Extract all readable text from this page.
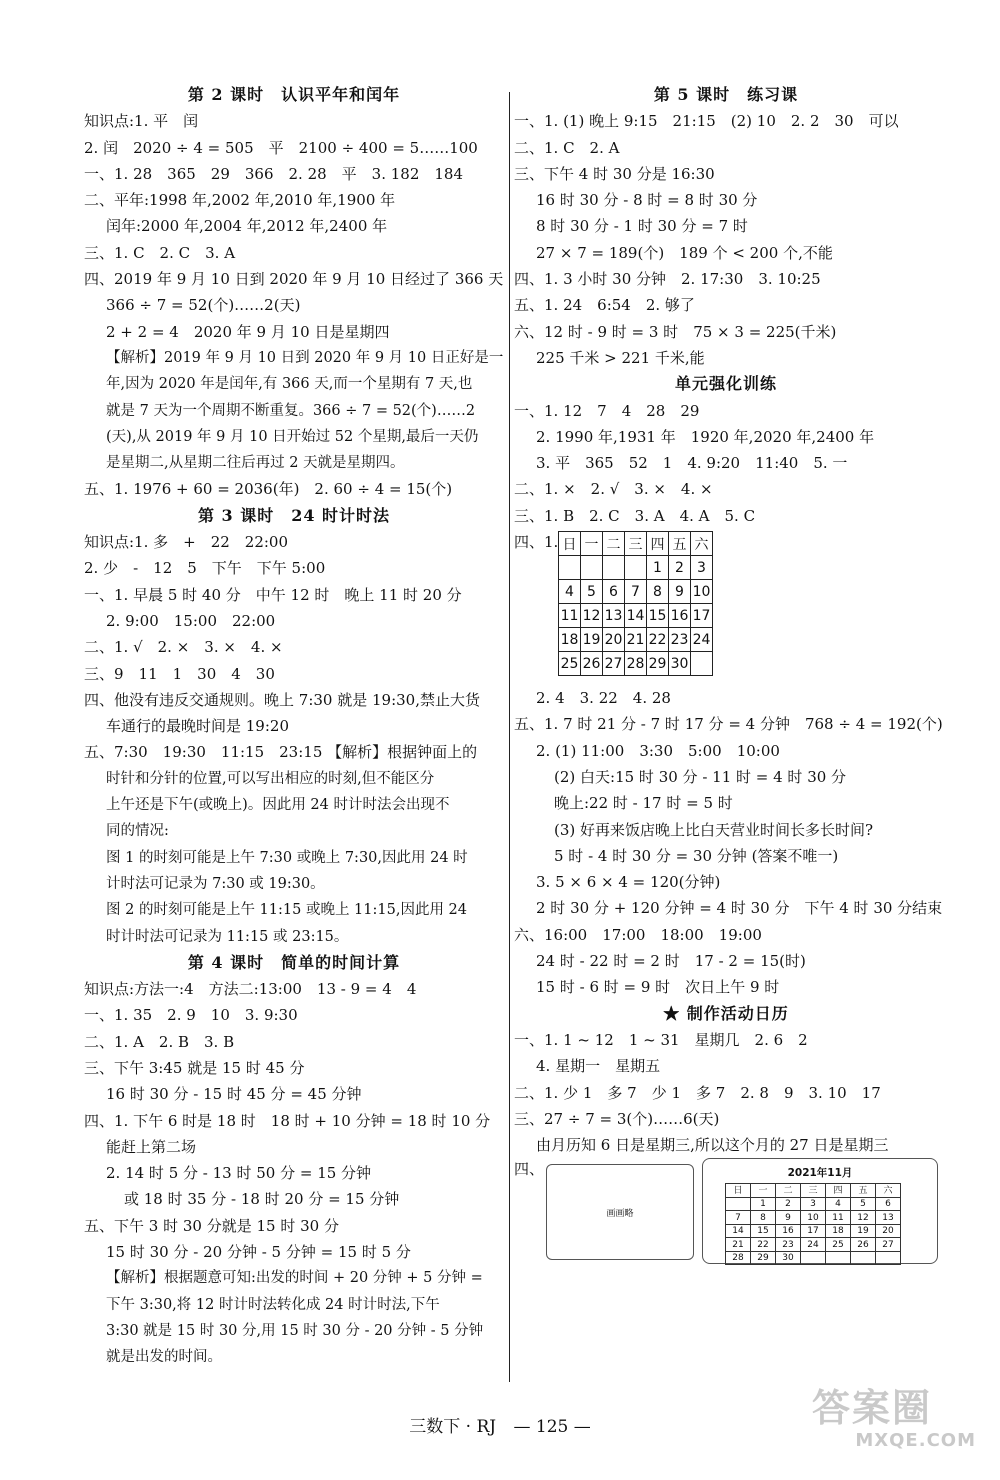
第 2 课时　认识平年和闰年
知识点:1. 平　闰
2. 闰　2020 ÷ 4 = 505　平　2100 ÷ 400 = 5……100
一、1. 28　365　29　366　2. 28　平　3. 182　184
二、平年:1998 年,2002 年,2010 年,1900 年
闰年:2000 年,2004 年,2012 年,2400 年
三、1. C　2. C　3. A
四、2019 年 9 月 10 日到 2020 年 9 月 10 日经过了 366 天
366 ÷ 7 = 52(个)……2(天)
2 + 2 = 4　2020 年 9 月 10 日是星期四
【解析】2019 年 9 月 10 日到 2020 年 9 月 10 日正好是一
年,因为 2020 年是闰年,有 366 天,而一个星期有 7 天,也
就是 7 天为一个周期不断重复。366 ÷ 7 = 52(个)……2
(天),从 2019 年 9 月 10 日开始过 52 个星期,最后一天仍
是星期二,从星期二往后再过 2 天就是星期四。
五、1. 1976 + 60 = 2036(年)　2. 60 ÷ 4 = 15(个)
第 3 课时　24 时计时法
知识点:1. 多　+　22　22:00
2. 少　-　12　5　下午　下午 5:00
一、1. 早晨 5 时 40 分　中午 12 时　晚上 11 时 20 分
2. 9:00　15:00　22:00
二、1. √　2. ×　3. ×　4. ×
三、9　11　1　30　4　30
四、他没有违反交通规则。晚上 7:30 就是 19:30,禁止大货
车通行的最晚时间是 19:20
五、7:30　19:30　11:15　23:15 【解析】根据钟面上的
时针和分针的位置,可以写出相应的时刻,但不能区分
上午还是下午(或晚上)。因此用 24 时计时法会出现不
同的情况:
图 1 的时刻可能是上午 7:30 或晚上 7:30,因此用 24 时
计时法可记录为 7:30 或 19:30。
图 2 的时刻可能是上午 11:15 或晚上 11:15,因此用 24
时计时法可记录为 11:15 或 23:15。
第 4 课时　简单的时间计算
知识点:方法一:4　方法二:13:00　13 - 9 = 4　4
一、1. 35　2. 9　10　3. 9:30
二、1. A　2. B　3. B
三、下午 3:45 就是 15 时 45 分
16 时 30 分 - 15 时 45 分 = 45 分钟
四、1. 下午 6 时是 18 时　18 时 + 10 分钟 = 18 时 10 分
能赶上第二场
2. 14 时 5 分 - 13 时 50 分 = 15 分钟
或 18 时 35 分 - 18 时 20 分 = 15 分钟
五、下午 3 时 30 分就是 15 时 30 分
15 时 30 分 - 20 分钟 - 5 分钟 = 15 时 5 分
【解析】根据题意可知:出发的时间 + 20 分钟 + 5 分钟 =
下午 3:30,将 12 时计时法转化成 24 时计时法,下午
3:30 就是 15 时 30 分,用 15 时 30 分 - 20 分钟 - 5 分钟
就是出发的时间。
第 5 课时　练习课
一、1. (1) 晚上 9:15　21:15　(2) 10　2. 2　30　可以
二、1. C　2. A
三、下午 4 时 30 分是 16:30
16 时 30 分 - 8 时 = 8 时 30 分
8 时 30 分 - 1 时 30 分 = 7 时
27 × 7 = 189(个)　189 个 < 200 个,不能
四、1. 3 小时 30 分钟　2. 17:30　3. 10:25
五、1. 24　6:54　2. 够了
六、12 时 - 9 时 = 3 时　75 × 3 = 225(千米)
225 千米 > 221 千米,能
单元强化训练
一、1. 12　7　4　28　29
2. 1990 年,1931 年　1920 年,2020 年,2400 年
3. 平　365　52　1　4. 9:20　11:40　5. 一
二、1. ×　2. √　3. ×　4. ×
三、1. B　2. C　3. A　4. A　5. C
四、1. 日	一	二	三	四	五	六
				1	2	3
4	5	6	7	8	9	10
11	12	13	14	15	16	17
18	19	20	21	22	23	24
25	26	27	28	29	30	
2. 4　3. 22　4. 28
五、1. 7 时 21 分 - 7 时 17 分 = 4 分钟　768 ÷ 4 = 192(个)
2. (1) 11:00　3:30　5:00　10:00
(2) 白天:15 时 30 分 - 11 时 = 4 时 30 分
晚上:22 时 - 17 时 = 5 时
(3) 好再来饭店晚上比白天营业时间长多长时间?
5 时 - 4 时 30 分 = 30 分钟 (答案不唯一)
3. 5 × 6 × 4 = 120(分钟)
2 时 30 分 + 120 分钟 = 4 时 30 分　下午 4 时 30 分结束
六、16:00　17:00　18:00　19:00
24 时 - 22 时 = 2 时　17 - 2 = 15(时)
15 时 - 6 时 = 9 时　次日上午 9 时
★ 制作活动日历
一、1. 1 ~ 12　1 ~ 31　星期几　2. 6　2
4. 星期一　星期五
二、1. 少 1　多 7　少 1　多 7　2. 8　9　3. 10　17
三、27 ÷ 7 = 3(个)……6(天)
由月历知 6 日是星期三,所以这个月的 27 日是星期三
四、
画画略
2021年11月
日	一	二	三	四	五	六
	1	2	3	4	5	6
7	8	9	10	11	12	13
14	15	16	17	18	19	20
21	22	23	24	25	26	27
28	29	30				
三数下 · RJ — 125 —	答案圈
MXQE.COM
